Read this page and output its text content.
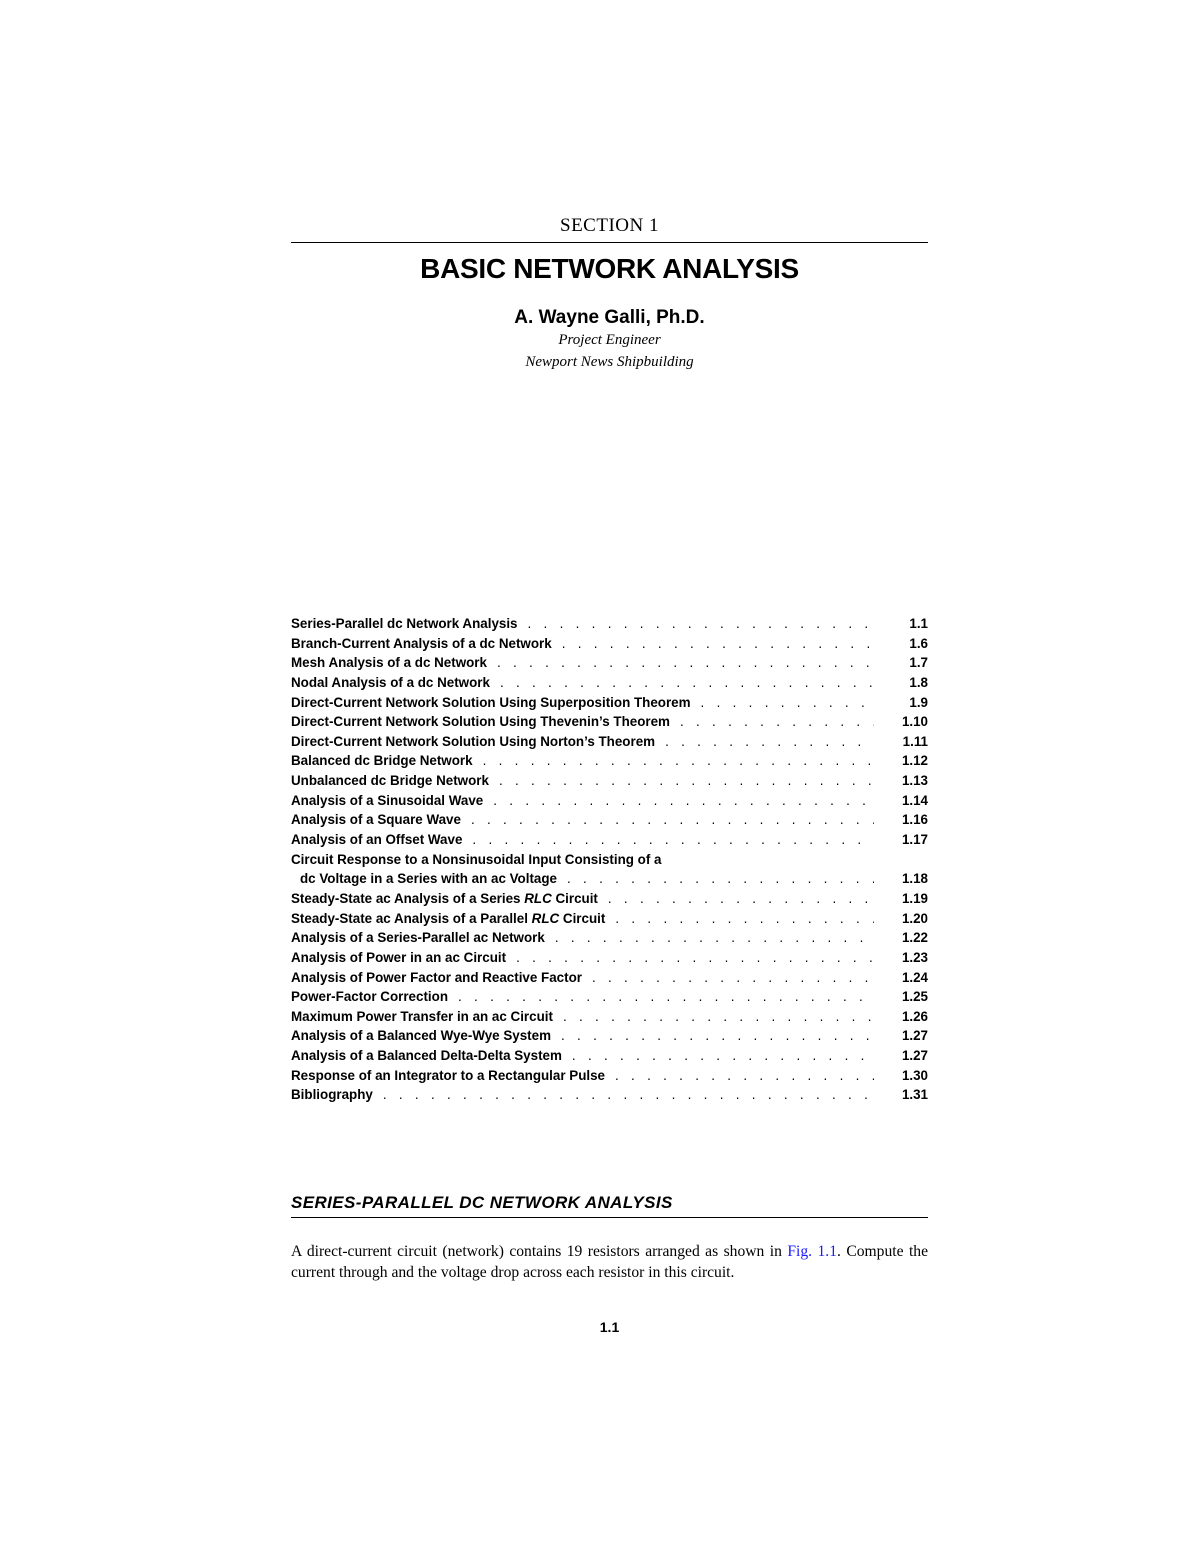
SECTION 1
BASIC NETWORK ANALYSIS
A. Wayne Galli, Ph.D.
Project Engineer
Newport News Shipbuilding
Series-Parallel dc Network Analysis . . .	1.1
Branch-Current Analysis of a dc Network . . .	1.6
Mesh Analysis of a dc Network . . .	1.7
Nodal Analysis of a dc Network . . .	1.8
Direct-Current Network Solution Using Superposition Theorem . . .	1.9
Direct-Current Network Solution Using Thevenin’s Theorem . . .	1.10
Direct-Current Network Solution Using Norton’s Theorem . . .	1.11
Balanced dc Bridge Network . . .	1.12
Unbalanced dc Bridge Network . . .	1.13
Analysis of a Sinusoidal Wave . . .	1.14
Analysis of a Square Wave . . .	1.16
Analysis of an Offset Wave . . .	1.17
Circuit Response to a Nonsinusoidal Input Consisting of a
dc Voltage in a Series with an ac Voltage . . .	1.18
Steady-State ac Analysis of a Series RLC Circuit . . .	1.19
Steady-State ac Analysis of a Parallel RLC Circuit . . .	1.20
Analysis of a Series-Parallel ac Network . . .	1.22
Analysis of Power in an ac Circuit . . .	1.23
Analysis of Power Factor and Reactive Factor . . .	1.24
Power-Factor Correction . . .	1.25
Maximum Power Transfer in an ac Circuit . . .	1.26
Analysis of a Balanced Wye-Wye System . . .	1.27
Analysis of a Balanced Delta-Delta System . . .	1.27
Response of an Integrator to a Rectangular Pulse . . .	1.30
Bibliography . . .	1.31
SERIES-PARALLEL DC NETWORK ANALYSIS
A direct-current circuit (network) contains 19 resistors arranged as shown in Fig. 1.1. Compute the current through and the voltage drop across each resistor in this circuit.
1.1
